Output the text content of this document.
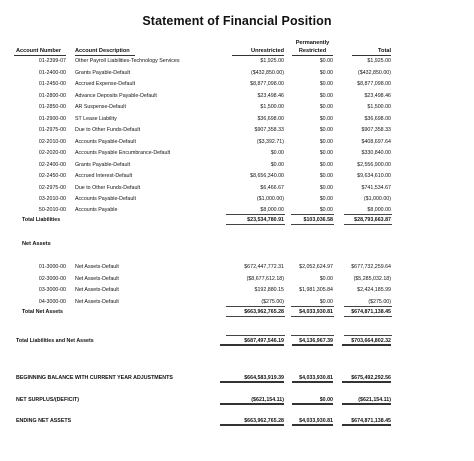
Statement of Financial Position
Permanently
Account Number Account Description	Unrestricted	Restricted	Total
01-2399-07 Other Payroll Liabilities-Technology Services	$1,925.00	$0.00	$1,925.00
01-2400-00 Grants Payable-Default	($432,850.00)	$0.00	($432,850.00)
01-2450-00 Accrued Expense-Default	$8,877,098.00	$0.00	$8,877,098.00
01-2800-00 Advance Deposits Payable-Default	$23,498.46	$0.00	$23,498.46
01-2850-00 AR Suspense-Default	$1,500.00	$0.00	$1,500.00
01-2900-00 ST Lease Liability	$36,698.00	$0.00	$36,698.00
01-2975-00 Due to Other Funds-Default	$907,358.33	$0.00	$907,358.33
02-2010-00 Accounts Payable-Default	($3,392.71)	$0.00	$408,697.64
02-2020-00 Accounts Payable Encumbrance-Default	$0.00	$0.00	$330,840.00
02-2400-00 Grants Payable-Default	$0.00	$0.00	$2,556,900.00
02-2450-00 Accrued Interest-Default	$8,656,340.00	$0.00	$9,634,610.00
02-2975-00 Due to Other Funds-Default	$6,466.67	$0.00	$741,534.67
03-2010-00 Accounts Payable-Default	($1,000.00)	$0.00	($1,000.00)
50-2010-00 Accounts Payable	$8,000.00	$0.00	$8,000.00
Total Liabilities	$23,534,780.91	$103,036.58	$28,793,663.87
Net Assets
01-3000-00 Net Assets-Default	$672,447,772.31	$2,052,624.97	$677,732,259.64
02-3000-00 Net Assets-Default	($8,677,612.18)	$0.00	($5,285,032.18)
03-3000-00 Net Assets-Default	$192,880.15	$1,981,305.84	$2,424,185.99
04-3000-00 Net Assets-Default	($275.00)	$0.00	($275.00)
Total Net Assets	$663,962,765.28	$4,033,930.81	$674,871,138.45
Total Liabilities and Net Assets	$687,497,546.19	$4,136,967.39	$703,664,802.32
BEGINNING BALANCE WITH CURRENT YEAR ADJUSTMENTS	$664,583,919.39	$4,033,930.81	$675,492,292.56
NET SURPLUS/(DEFICIT)	($621,154.11)	$0.00	($621,154.11)
ENDING NET ASSETS	$663,962,765.28	$4,033,930.81	$674,871,138.45
